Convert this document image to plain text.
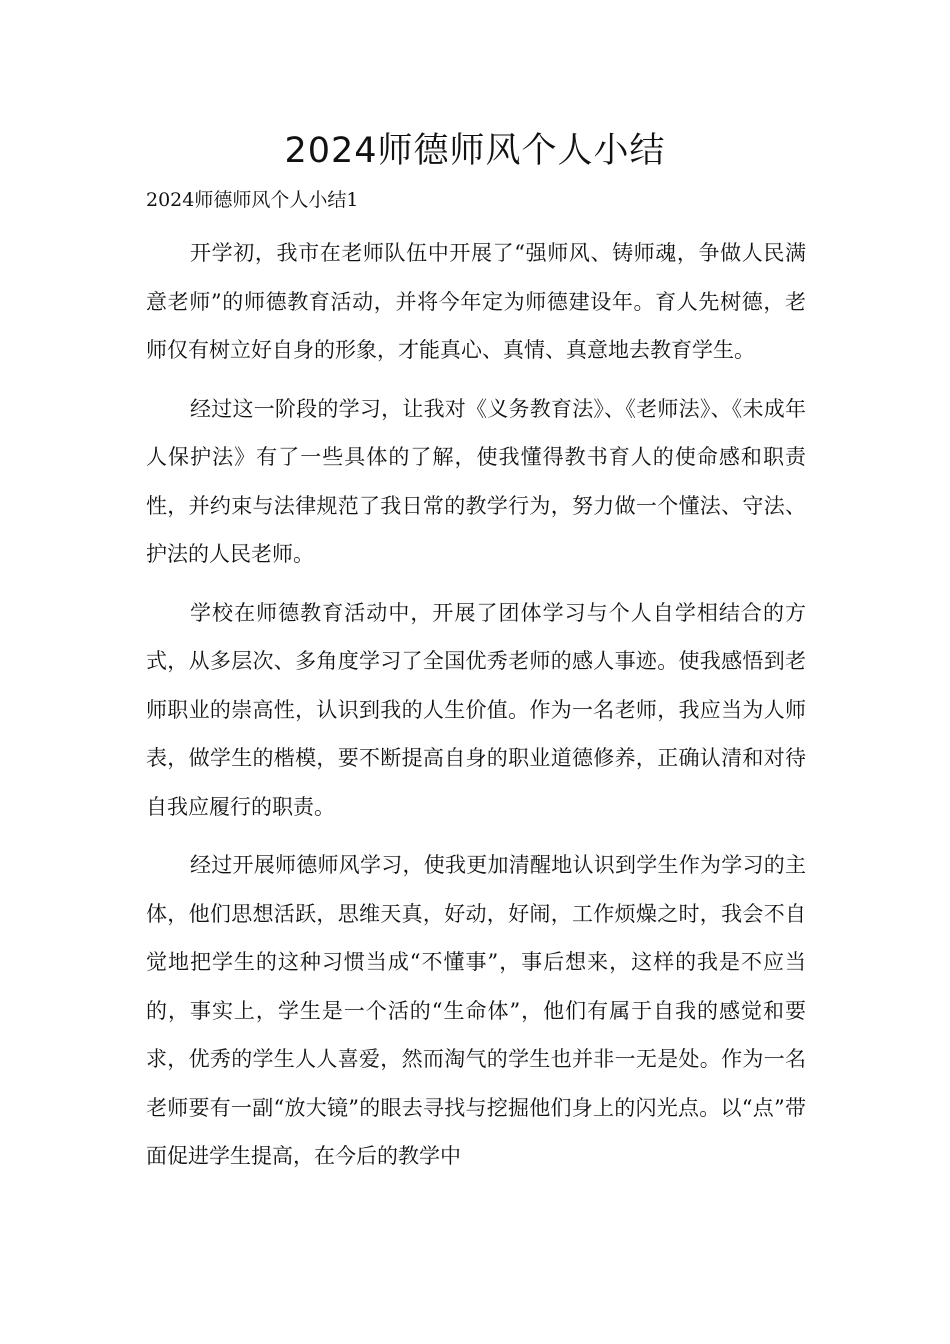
2024师德师风个人小结
2024师德师风个人小结1

开学初，我市在老师队伍中开展了“强师风、铸师魂，争做人民满意老师”的师德教育活动，并将今年定为师德建设年。育人先树德，老师仅有树立好自身的形象，才能真心、真情、真意地去教育学生。

经过这一阶段的学习，让我对《义务教育法》、《老师法》、《未成年人保护法》有了一些具体的了解，使我懂得教书育人的使命感和职责性，并约束与法律规范了我日常的教学行为，努力做一个懂法、守法、护法的人民老师。

学校在师德教育活动中，开展了团体学习与个人自学相结合的方式，从多层次、多角度学习了全国优秀老师的感人事迹。使我感悟到老师职业的崇高性，认识到我的人生价值。作为一名老师，我应当为人师表，做学生的楷模，要不断提高自身的职业道德修养，正确认清和对待自我应履行的职责。

经过开展师德师风学习，使我更加清醒地认识到学生作为学习的主体，他们思想活跃，思维天真，好动，好闹，工作烦燥之时，我会不自觉地把学生的这种习惯当成“不懂事”，事后想来，这样的我是不应当的，事实上，学生是一个活的“生命体”，他们有属于自我的感觉和要求，优秀的学生人人喜爱，然而淘气的学生也并非一无是处。作为一名老师要有一副“放大镜”的眼去寻找与挖掘他们身上的闪光点。以“点”带面促进学生提高，在今后的教学中
